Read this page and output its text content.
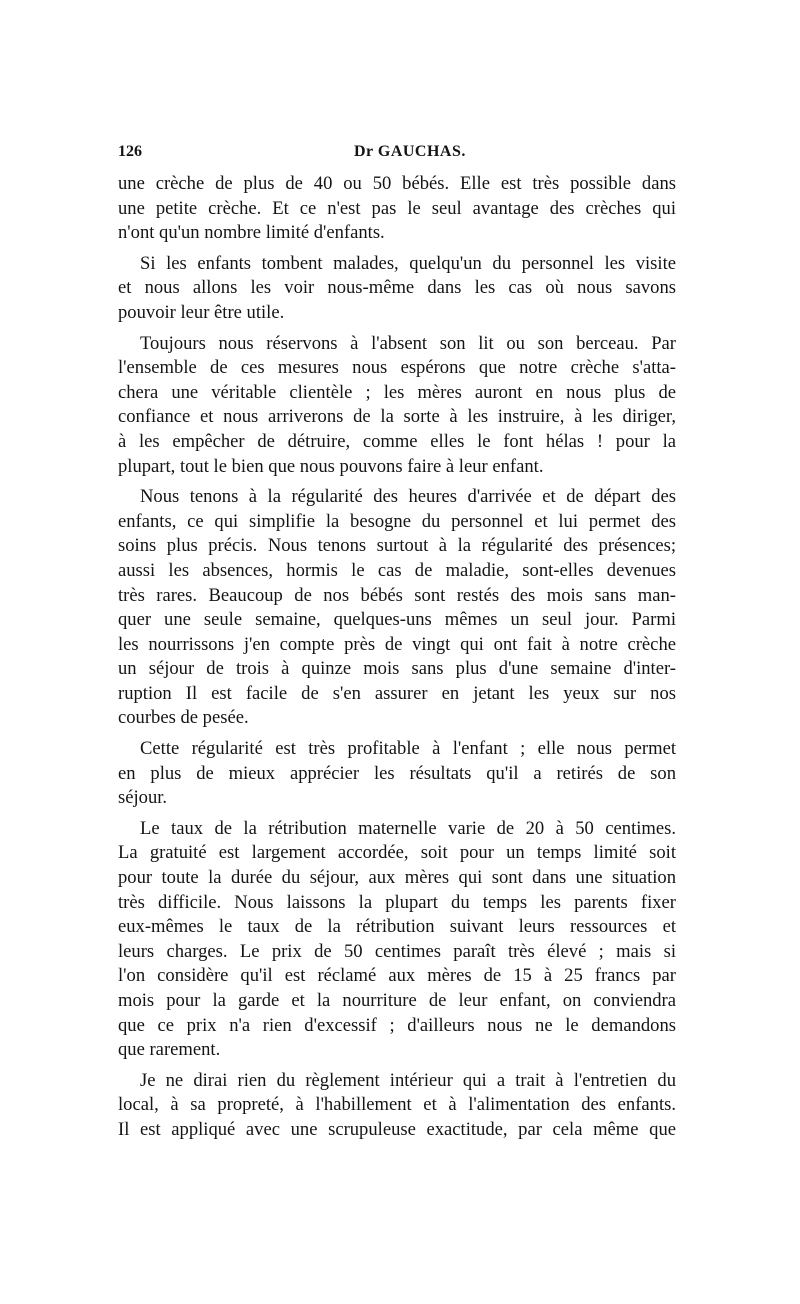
126	Dr GAUCHAS.
une crèche de plus de 40 ou 50 bébés. Elle est très possible dans
une petite crèche. Et ce n'est pas le seul avantage des crèches qui
n'ont qu'un nombre limité d'enfants.
Si les enfants tombent malades, quelqu'un du personnel les visite
et nous allons les voir nous-même dans les cas où nous savons
pouvoir leur être utile.
Toujours nous réservons à l'absent son lit ou son berceau. Par
l'ensemble de ces mesures nous espérons que notre crèche s'atta-
chera une véritable clientèle ; les mères auront en nous plus de
confiance et nous arriverons de la sorte à les instruire, à les diriger,
à les empêcher de détruire, comme elles le font hélas ! pour la
plupart, tout le bien que nous pouvons faire à leur enfant.
Nous tenons à la régularité des heures d'arrivée et de départ des
enfants, ce qui simplifie la besogne du personnel et lui permet des
soins plus précis. Nous tenons surtout à la régularité des présences;
aussi les absences, hormis le cas de maladie, sont-elles devenues
très rares. Beaucoup de nos bébés sont restés des mois sans man-
quer une seule semaine, quelques-uns mêmes un seul jour. Parmi
les nourrissons j'en compte près de vingt qui ont fait à notre crèche
un séjour de trois à quinze mois sans plus d'une semaine d'inter-
ruption Il est facile de s'en assurer en jetant les yeux sur nos
courbes de pesée.
Cette régularité est très profitable à l'enfant ; elle nous permet
en plus de mieux apprécier les résultats qu'il a retirés de son
séjour.
Le taux de la rétribution maternelle varie de 20 à 50 centimes.
La gratuité est largement accordée, soit pour un temps limité soit
pour toute la durée du séjour, aux mères qui sont dans une situation
très difficile. Nous laissons la plupart du temps les parents fixer
eux-mêmes le taux de la rétribution suivant leurs ressources et
leurs charges. Le prix de 50 centimes paraît très élevé ; mais si
l'on considère qu'il est réclamé aux mères de 15 à 25 francs par
mois pour la garde et la nourriture de leur enfant, on conviendra
que ce prix n'a rien d'excessif ; d'ailleurs nous ne le demandons
que rarement.
Je ne dirai rien du règlement intérieur qui a trait à l'entretien du
local, à sa propreté, à l'habillement et à l'alimentation des enfants.
Il est appliqué avec une scrupuleuse exactitude, par cela même que
